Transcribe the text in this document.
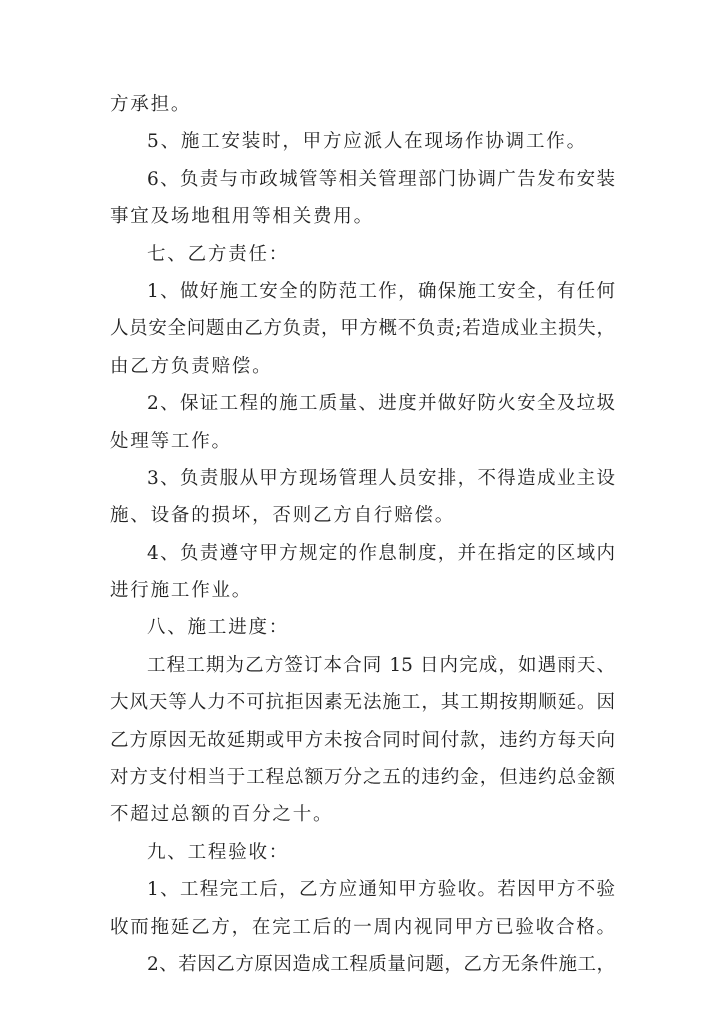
方承担。
5、施工安装时，甲方应派人在现场作协调工作。
6、负责与市政城管等相关管理部门协调广告发布安装
事宜及场地租用等相关费用。
七、乙方责任：
1、做好施工安全的防范工作，确保施工安全，有任何
人员安全问题由乙方负责，甲方概不负责;若造成业主损失，
由乙方负责赔偿。
2、保证工程的施工质量、进度并做好防火安全及垃圾
处理等工作。
3、负责服从甲方现场管理人员安排，不得造成业主设
施、设备的损坏，否则乙方自行赔偿。
4、负责遵守甲方规定的作息制度，并在指定的区域内
进行施工作业。
八、施工进度：
工程工期为乙方签订本合同 15 日内完成，如遇雨天、
大风天等人力不可抗拒因素无法施工，其工期按期顺延。因
乙方原因无故延期或甲方未按合同时间付款，违约方每天向
对方支付相当于工程总额万分之五的违约金，但违约总金额
不超过总额的百分之十。
九、工程验收：
1、工程完工后，乙方应通知甲方验收。若因甲方不验
收而拖延乙方，在完工后的一周内视同甲方已验收合格。
2、若因乙方原因造成工程质量问题，乙方无条件施工，
